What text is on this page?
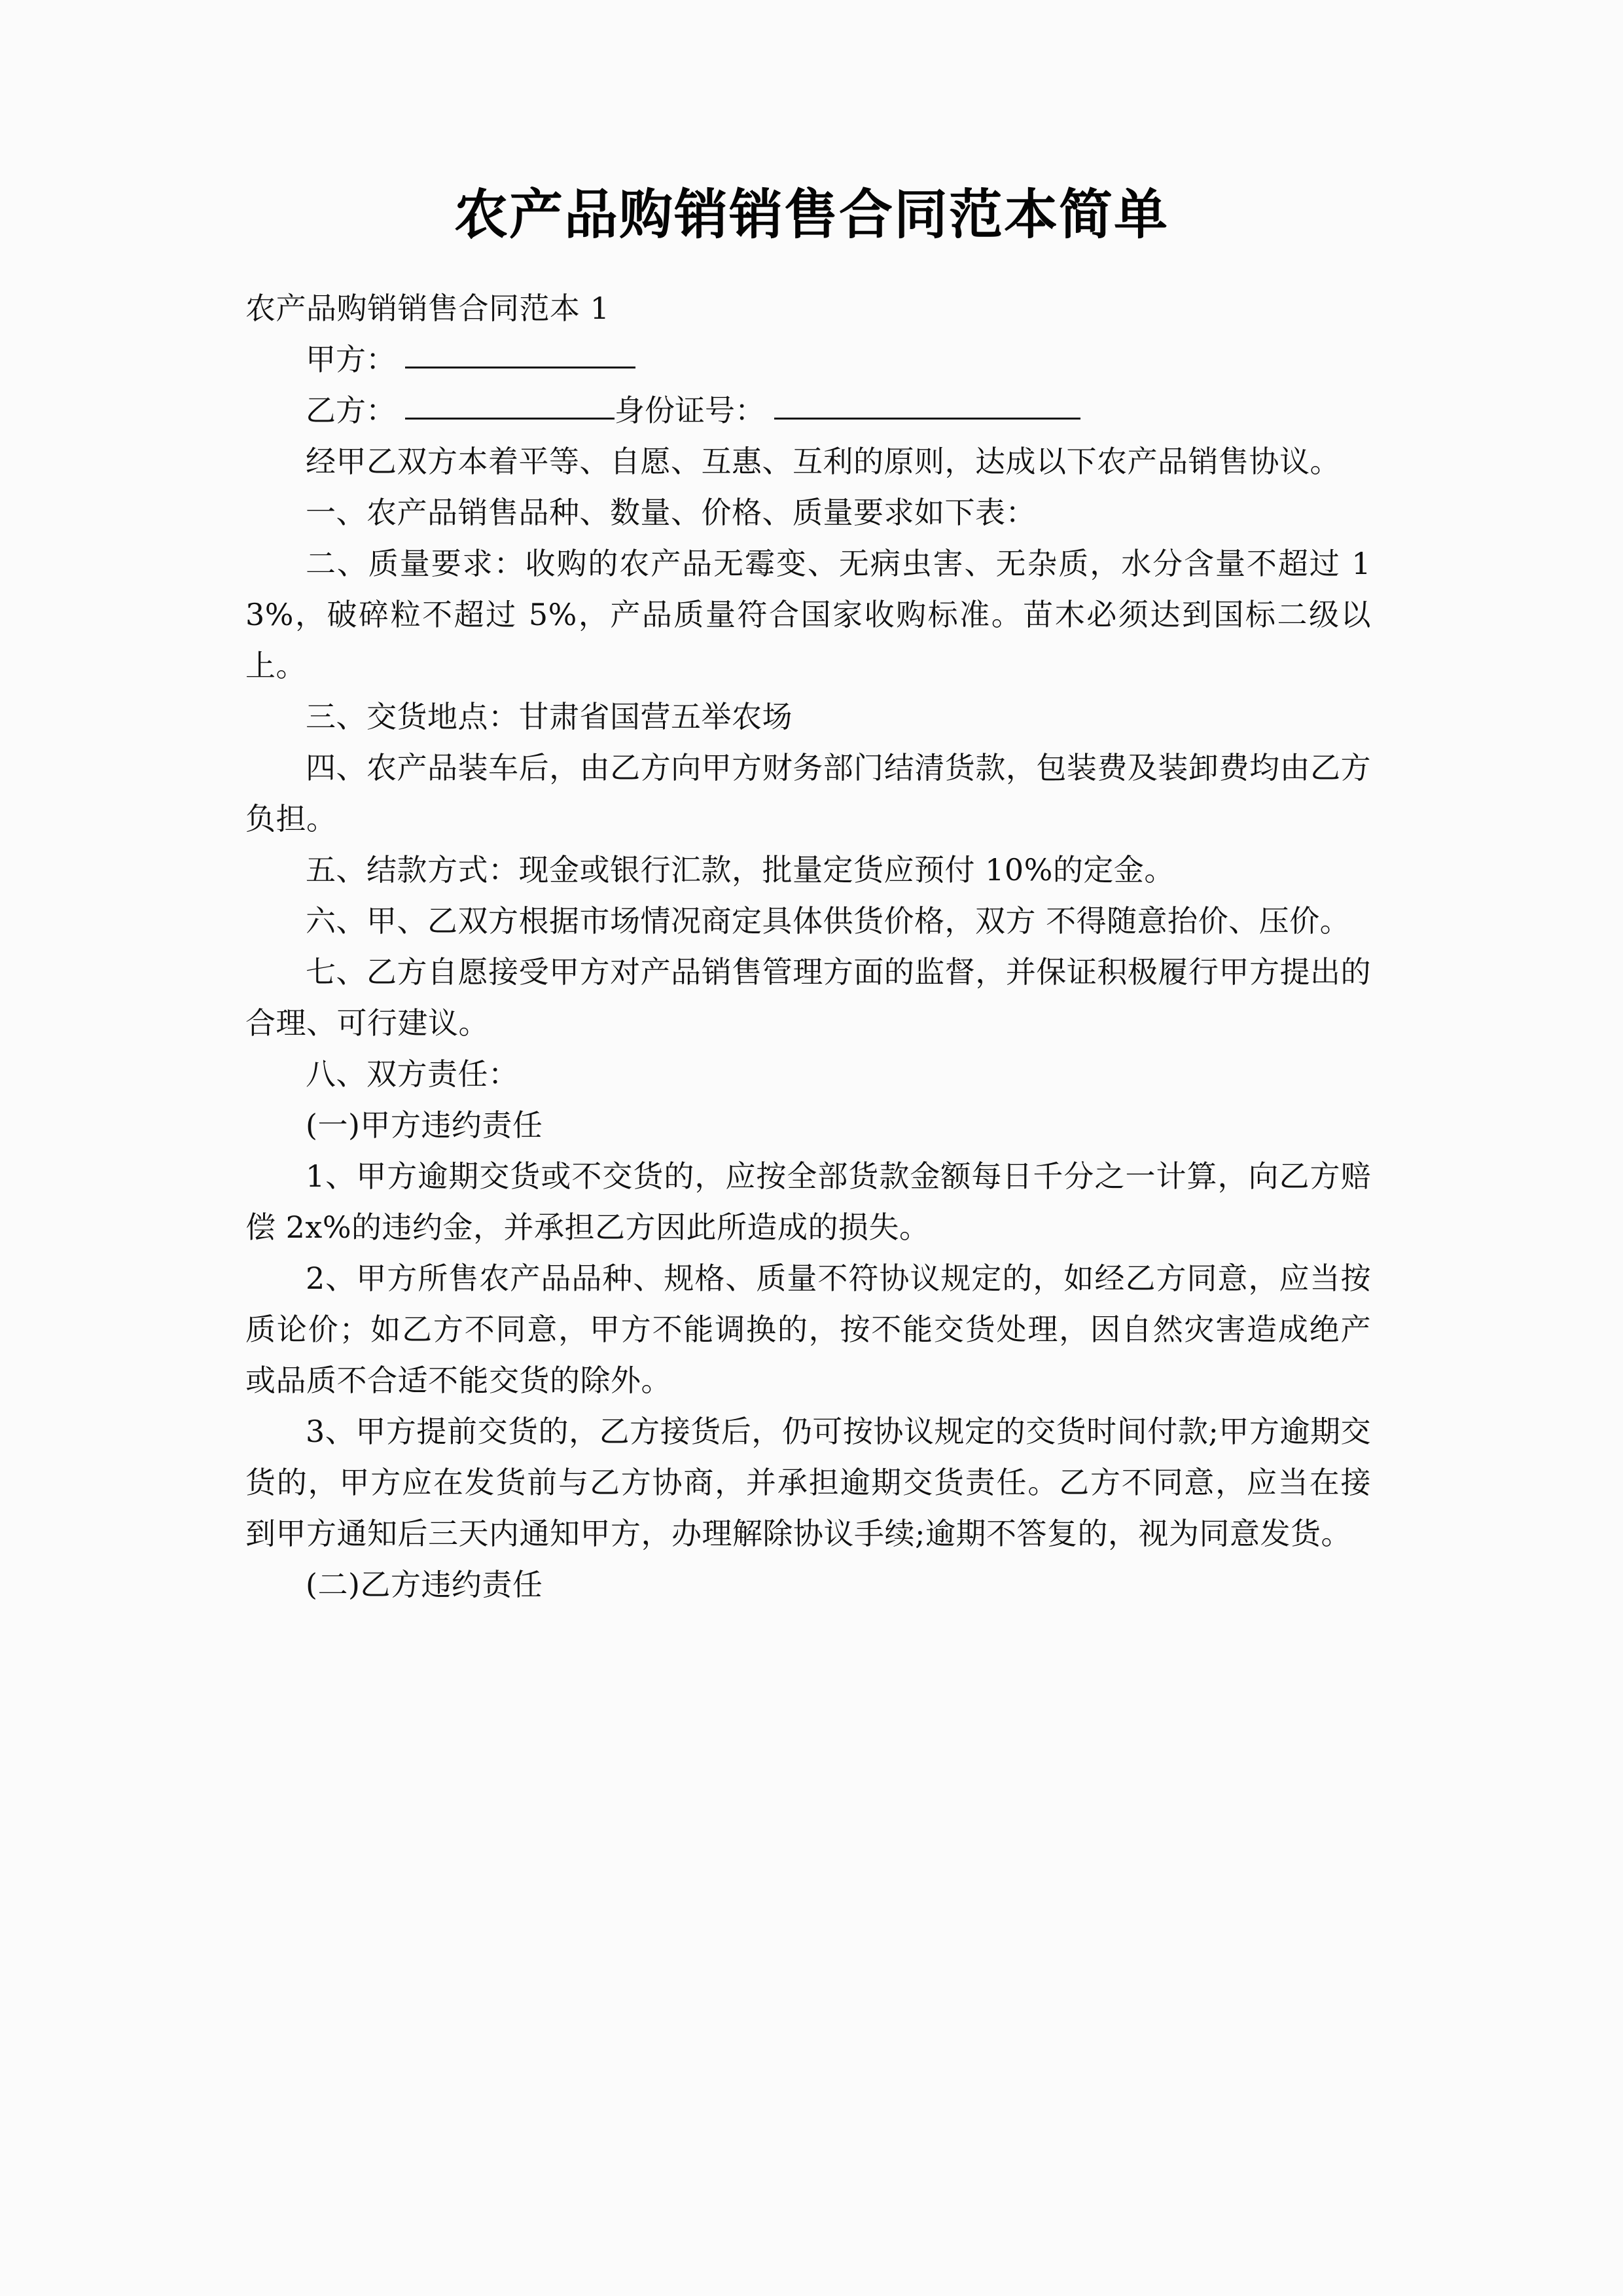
农产品购销销售合同范本简单

农产品购销销售合同范本 1

甲方：
乙方：	身份证号：

经甲乙双方本着平等、自愿、互惠、互利的原则，达成以下农产品销售协议。

一、农产品销售品种、数量、价格、质量要求如下表：

二、质量要求：收购的农产品无霉变、无病虫害、无杂质，水分含量不超过 13%，破碎粒不超过 5%，产品质量符合国家收购标准。苗木必须达到国标二级以上。

三、交货地点：甘肃省国营五举农场

四、农产品装车后，由乙方向甲方财务部门结清货款，包装费及装卸费均由乙方负担。

五、结款方式：现金或银行汇款，批量定货应预付 10%的定金。

六、甲、乙双方根据市场情况商定具体供货价格，双方 不得随意抬价、压价。

七、乙方自愿接受甲方对产品销售管理方面的监督，并保证积极履行甲方提出的合理、可行建议。

八、双方责任：

(一)甲方违约责任

1、甲方逾期交货或不交货的，应按全部货款金额每日千分之一计算，向乙方赔偿 2x%的违约金，并承担乙方因此所造成的损失。

2、甲方所售农产品品种、规格、质量不符协议规定的，如经乙方同意，应当按质论价；如乙方不同意，甲方不能调换的，按不能交货处理，因自然灾害造成绝产或品质不合适不能交货的除外。

3、甲方提前交货的，乙方接货后，仍可按协议规定的交货时间付款;甲方逾期交货的，甲方应在发货前与乙方协商，并承担逾期交货责任。乙方不同意，应当在接到甲方通知后三天内通知甲方，办理解除协议手续;逾期不答复的，视为同意发货。

(二)乙方违约责任
